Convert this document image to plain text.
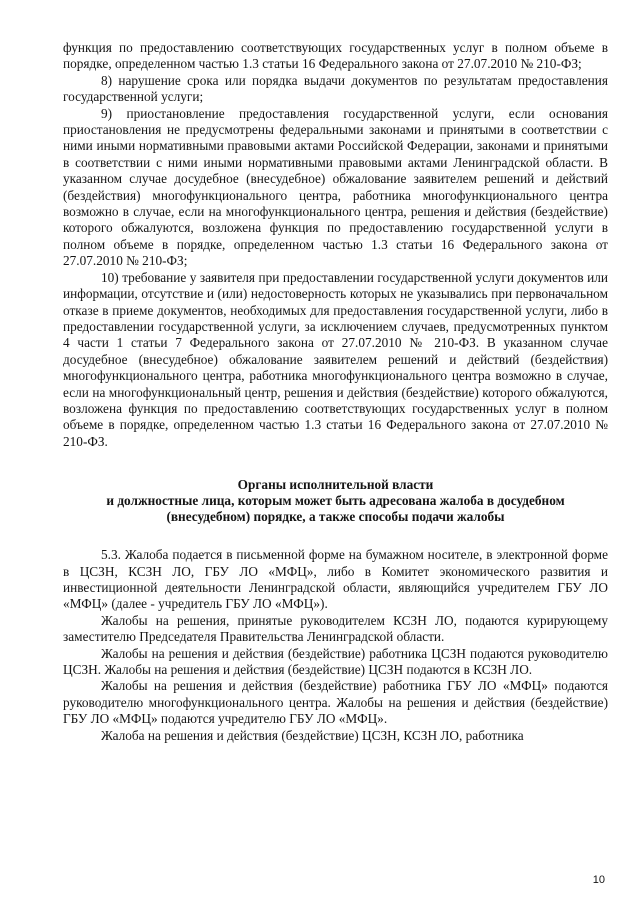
функция по предоставлению соответствующих государственных услуг в полном объеме в порядке, определенном частью 1.3 статьи 16 Федерального закона от 27.07.2010 № 210-ФЗ;

8) нарушение срока или порядка выдачи документов по результатам предоставления государственной услуги;

9) приостановление предоставления государственной услуги, если основания приостановления не предусмотрены федеральными законами и принятыми в соответствии с ними иными нормативными правовыми актами Российской Федерации, законами и принятыми в соответствии с ними иными нормативными правовыми актами Ленинградской области. В указанном случае досудебное (внесудебное) обжалование заявителем решений и действий (бездействия) многофункционального центра, работника многофункционального центра возможно в случае, если на многофункционального центра, решения и действия (бездействие) которого обжалуются, возложена функция по предоставлению государственной услуги в полном объеме в порядке, определенном частью 1.3 статьи 16 Федерального закона от 27.07.2010 № 210-ФЗ;

10) требование у заявителя при предоставлении государственной услуги документов или информации, отсутствие и (или) недостоверность которых не указывались при первоначальном отказе в приеме документов, необходимых для предоставления государственной услуги, либо в предоставлении государственной услуги, за исключением случаев, предусмотренных пунктом 4 части 1 статьи 7 Федерального закона от 27.07.2010 № 210-ФЗ. В указанном случае досудебное (внесудебное) обжалование заявителем решений и действий (бездействия) многофункционального центра, работника многофункционального центра возможно в случае, если на многофункциональный центр, решения и действия (бездействие) которого обжалуются, возложена функция по предоставлению соответствующих государственных услуг в полном объеме в порядке, определенном частью 1.3 статьи 16 Федерального закона от 27.07.2010 № 210-ФЗ.

Органы исполнительной власти
и должностные лица, которым может быть адресована жалоба в досудебном
(внесудебном) порядке, а также способы подачи жалобы

5.3. Жалоба подается в письменной форме на бумажном носителе, в электронной форме в ЦСЗН, КСЗН ЛО, ГБУ ЛО «МФЦ», либо в Комитет экономического развития и инвестиционной деятельности Ленинградской области, являющийся учредителем ГБУ ЛО «МФЦ» (далее - учредитель ГБУ ЛО «МФЦ»).

Жалобы на решения, принятые руководителем КСЗН ЛО, подаются курирующему заместителю Председателя Правительства Ленинградской области.

Жалобы на решения и действия (бездействие) работника ЦСЗН подаются руководителю ЦСЗН. Жалобы на решения и действия (бездействие) ЦСЗН подаются в КСЗН ЛО.

Жалобы на решения и действия (бездействие) работника ГБУ ЛО «МФЦ» подаются руководителю многофункционального центра. Жалобы на решения и действия (бездействие) ГБУ ЛО «МФЦ» подаются учредителю ГБУ ЛО «МФЦ».

Жалоба на решения и действия (бездействие) ЦСЗН, КСЗН ЛО, работника

10
